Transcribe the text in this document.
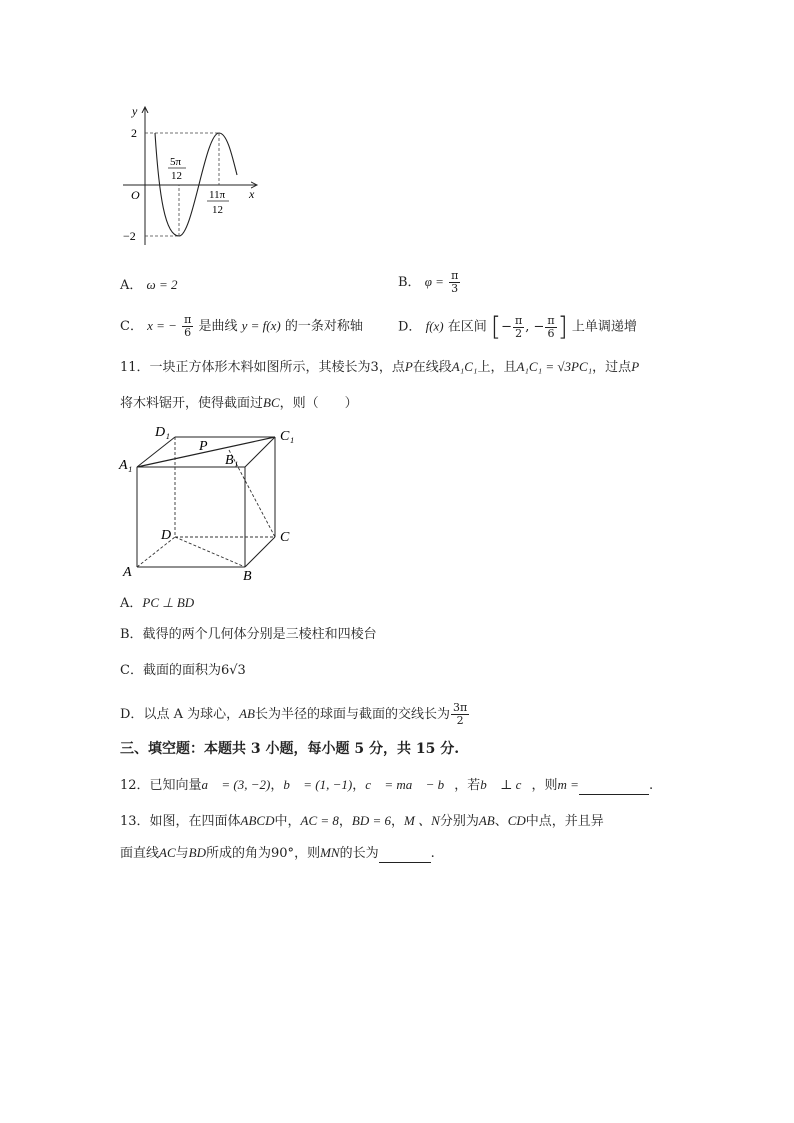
y
x
O
2
−2
5π
12
11π
12
A． ω = 2	B． $\varphi = \frac{\pi}{3}$
C． x = − $\frac{\pi}{6}$ 是曲线 y = f(x) 的一条对称轴	D． f(x) 在区间 [− $\frac{\pi}{2}$ , − $\frac{\pi}{6}$ ] 上单调递增
11．一块正方体形木料如图所示，其棱长为3，点P在线段A₁C₁上，且A₁C₁ = √3PC₁，过点P
将木料锯开，使得截面过BC，则（　　）
D₁
P
C₁
A₁	B₁
D	C
A	B
A．PC ⊥ BD
B．截得的两个几何体分别是三棱柱和四棱台
C．截面的面积为6√3
D．以点 A 为球心，AB长为半径的球面与截面的交线长为 $\frac{3\pi}{2}$
三、填空题：本题共 3 小题，每小题 5 分，共 15 分.
12．已知向量a⃗ = (3, −2)，b⃗ = (1, −1)，c⃗ = ma⃗ − b⃗，若b⃗ ⊥ c⃗，则m =	.
13．如图，在四面体ABCD中，AC = 8，BD = 6，M 、N分别为AB、CD中点，并且异
面直线AC与BD所成的角为90°，则MN的长为	.
